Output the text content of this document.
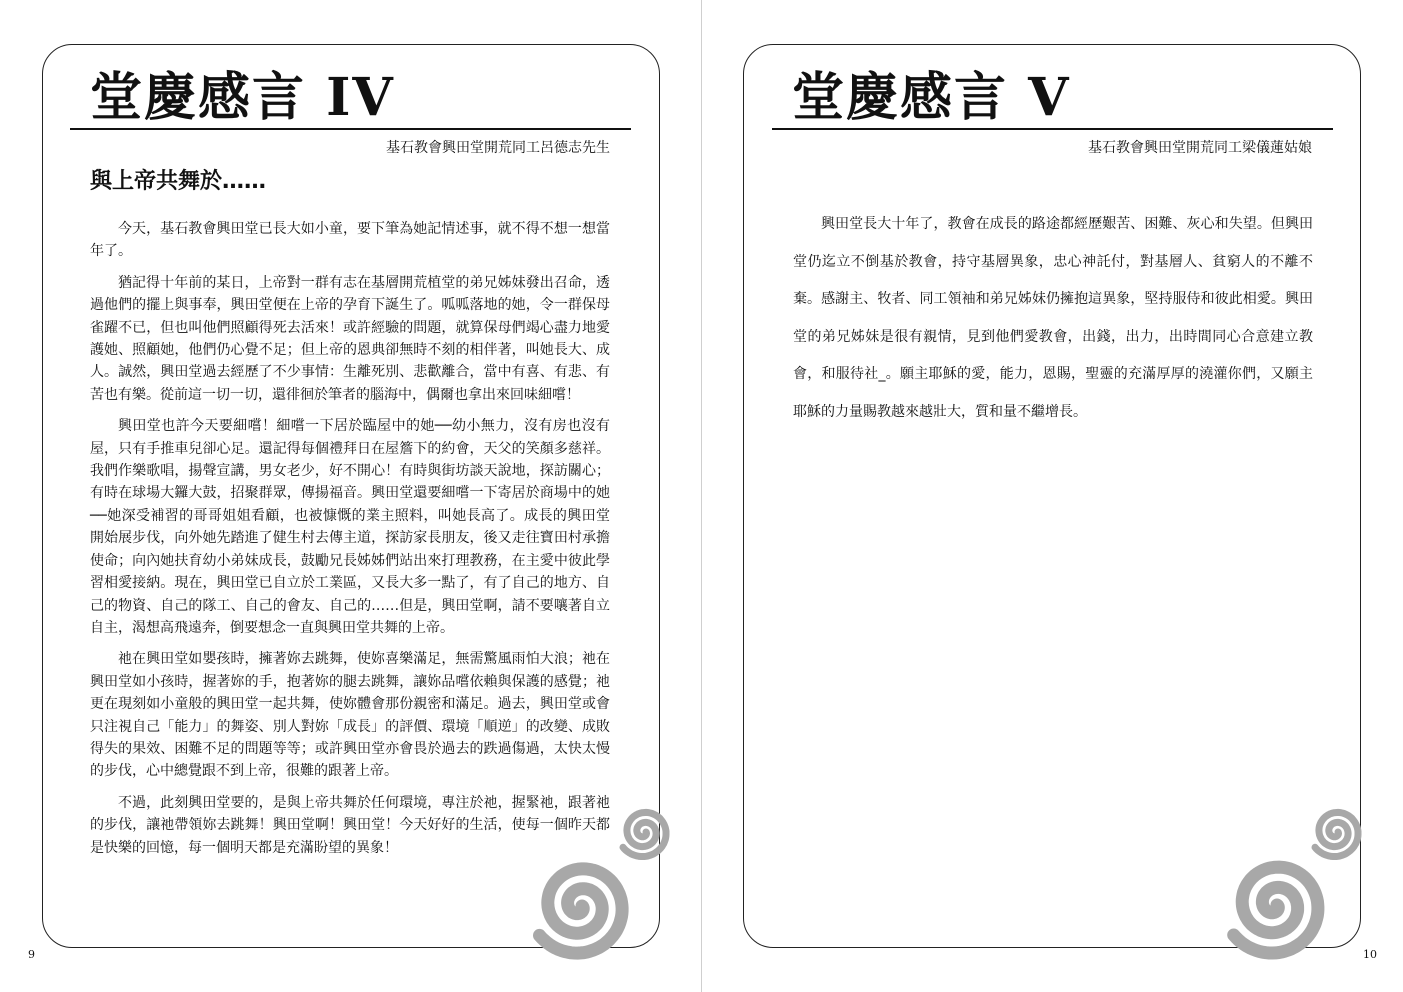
堂慶感言 IV
基石教會興田堂開荒同工呂德志先生
與上帝共舞於……

今天，基石教會興田堂已長大如小童，要下筆為她記情述事，就不得不想一想當年了。

猶記得十年前的某日，上帝對一群有志在基層開荒植堂的弟兄姊妹發出召命，透過他們的擺上與事奉，興田堂便在上帝的孕育下誕生了。呱呱落地的她，令一群保母雀躍不已，但也叫他們照顧得死去活來！或許經驗的問題，就算保母們竭心盡力地愛護她、照顧她，他們仍心覺不足；但上帝的恩典卻無時不刻的相伴著，叫她長大、成人。誠然，興田堂過去經歷了不少事情：生離死別、悲歡離合，當中有喜、有悲、有苦也有樂。從前這一切一切，還徘徊於筆者的腦海中，偶爾也拿出來回味細嚐！

興田堂也許今天要細嚐！細嚐一下居於臨屋中的她──幼小無力，沒有房也沒有屋，只有手推車兒卻心足。還記得每個禮拜日在屋簷下的約會，天父的笑顏多慈祥。我們作樂歌唱，揚聲宣講，男女老少，好不開心！有時與街坊談天說地，探訪關心；有時在球場大鑼大鼓，招聚群眾，傳揚福音。興田堂還要細嚐一下寄居於商場中的她──她深受補習的哥哥姐姐看顧，也被慷慨的業主照料，叫她長高了。成長的興田堂開始展步伐，向外她先踏進了健生村去傳主道，探訪家長朋友，後又走往寶田村承擔使命；向內她扶育幼小弟妹成長，鼓勵兄長姊姊們站出來打理教務，在主愛中彼此學習相愛接納。現在，興田堂已自立於工業區，又長大多一點了，有了自己的地方、自己的物資、自己的隊工、自己的會友、自己的……但是，興田堂啊，請不要嚷著自立自主，渴想高飛遠奔，倒要想念一直與興田堂共舞的上帝。

祂在興田堂如嬰孩時，擁著妳去跳舞，使妳喜樂滿足，無需驚風雨怕大浪；祂在興田堂如小孩時，握著妳的手，抱著妳的腿去跳舞，讓妳品嚐依賴與保護的感覺；祂更在現刻如小童般的興田堂一起共舞，使妳體會那份親密和滿足。過去，興田堂或會只注視自己「能力」的舞姿、別人對妳「成長」的評價、環境「順逆」的改變、成敗得失的果效、困難不足的問題等等；或許興田堂亦會畏於過去的跌過傷過，太快太慢的步伐，心中總覺跟不到上帝，很難的跟著上帝。

不過，此刻興田堂要的，是與上帝共舞於任何環境，專注於祂，握緊祂，跟著祂的步伐，讓祂帶領妳去跳舞！興田堂啊！興田堂！今天好好的生活，使每一個昨天都是快樂的回憶，每一個明天都是充滿盼望的異象！

9
堂慶感言 V
基石教會興田堂開荒同工梁儀蓮姑娘

興田堂長大十年了，教會在成長的路途都經歷艱苦、困難、灰心和失望。但興田堂仍迄立不倒基於教會，持守基層異象，忠心神託付，對基層人、貧窮人的不離不棄。感謝主、牧者、同工領袖和弟兄姊妹仍擁抱這異象，堅持服侍和彼此相愛。興田堂的弟兄姊妹是很有親情，見到他們愛教會，出錢，出力，出時間同心合意建立教會，和服待社_。願主耶穌的愛，能力，恩賜，聖靈的充滿厚厚的澆灌你們，又願主耶穌的力量賜教越來越壯大，質和量不繼增長。

10
